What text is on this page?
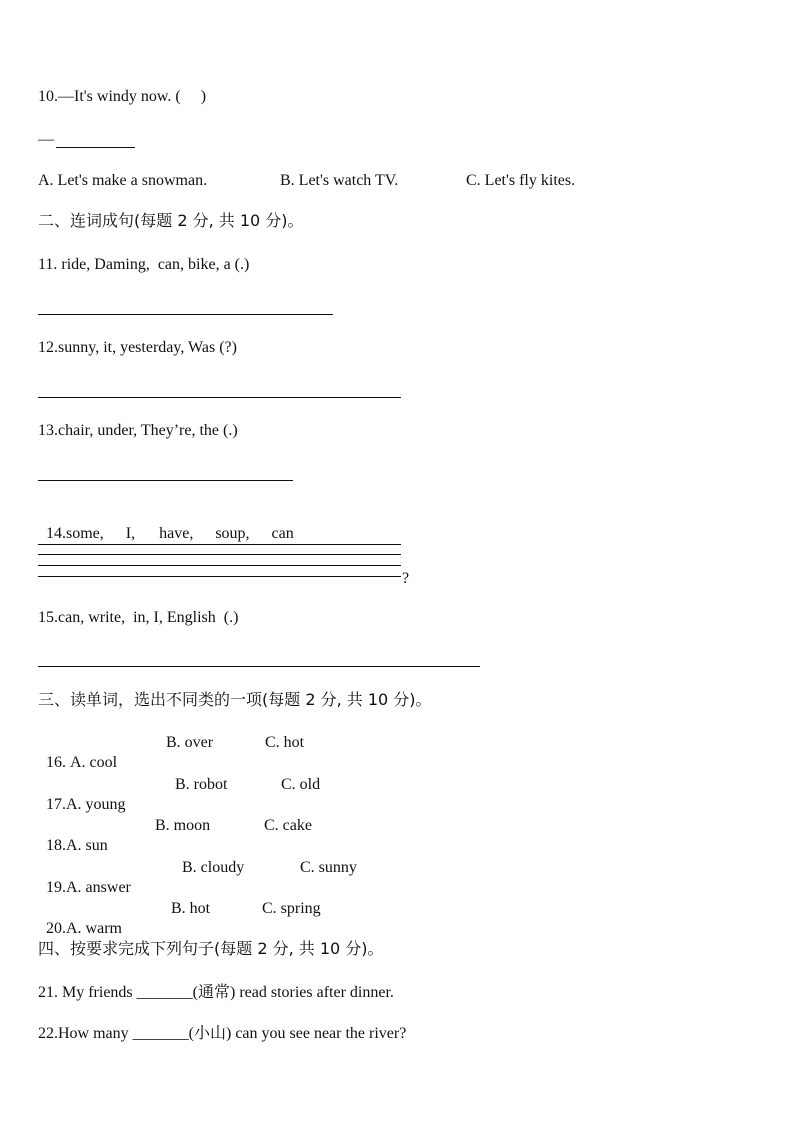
10.—It's windy now. (     )
—
A. Let's make a snowman.	B. Let's watch TV.	C. Let's fly kites.
二、连词成句(每题 2 分, 共 10 分)。
11. ride, Daming,  can, bike, a (.)
12.sunny, it, yesterday, Was (?)
13.chair, under, They’re, the (.)

14.some, I, have, soup, can

?
15.can, write,  in, I, English  (.)
三、读单词，选出不同类的一项(每题 2 分, 共 10 分)。

16. A. cool

B. over	C. hot

17.A. young

B. robot	C. old

18.A. sun

B. moon	C. cake

19.A. answer

B. cloudy	C. sunny

20.A. warm

B. hot	C. spring
四、按要求完成下列句子(每题 2 分, 共 10 分)。
21. My friends _______(通常) read stories after dinner.
22.How many _______(小山) can you see near the river?
